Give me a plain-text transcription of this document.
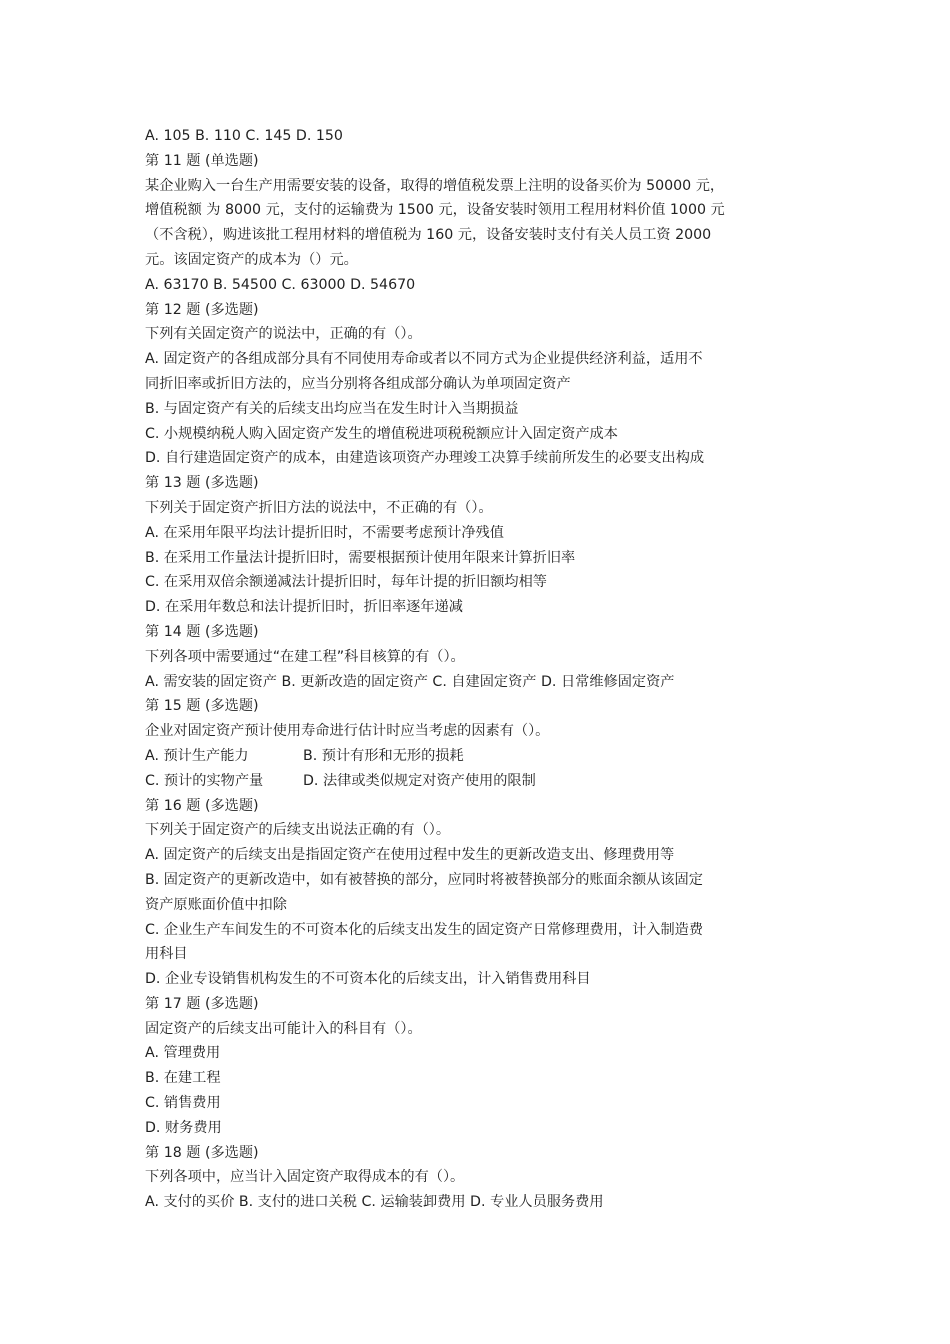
A. 105 B. 110 C. 145 D. 150
第 11 题 (单选题)
某企业购入一台生产用需要安装的设备，取得的增值税发票上注明的设备买价为 50000 元，
增值税额 为 8000 元，支付的运输费为 1500 元，设备安装时领用工程用材料价值 1000 元
（不含税），购进该批工程用材料的增值税为 160 元，设备安装时支付有关人员工资 2000
元。该固定资产的成本为（）元。
A. 63170 B. 54500 C. 63000 D. 54670
第 12 题 (多选题)
下列有关固定资产的说法中，正确的有（）。
A. 固定资产的各组成部分具有不同使用寿命或者以不同方式为企业提供经济利益，适用不
同折旧率或折旧方法的，应当分别将各组成部分确认为单项固定资产
B. 与固定资产有关的后续支出均应当在发生时计入当期损益
C. 小规模纳税人购入固定资产发生的增值税进项税税额应计入固定资产成本
D. 自行建造固定资产的成本，由建造该项资产办理竣工决算手续前所发生的必要支出构成
第 13 题 (多选题)
下列关于固定资产折旧方法的说法中，不正确的有（）。
A. 在采用年限平均法计提折旧时，不需要考虑预计净残值
B. 在采用工作量法计提折旧时，需要根据预计使用年限来计算折旧率
C. 在采用双倍余额递减法计提折旧时，每年计提的折旧额均相等
D. 在采用年数总和法计提折旧时，折旧率逐年递减
第 14 题 (多选题)
下列各项中需要通过“在建工程”科目核算的有（）。
A. 需安装的固定资产 B. 更新改造的固定资产 C. 自建固定资产 D. 日常维修固定资产
第 15 题 (多选题)
企业对固定资产预计使用寿命进行估计时应当考虑的因素有（）。
A. 预计生产能力	B. 预计有形和无形的损耗
C. 预计的实物产量	D. 法律或类似规定对资产使用的限制
第 16 题 (多选题)
下列关于固定资产的后续支出说法正确的有（）。
A. 固定资产的后续支出是指固定资产在使用过程中发生的更新改造支出、修理费用等
B. 固定资产的更新改造中，如有被替换的部分，应同时将被替换部分的账面余额从该固定
资产原账面价值中扣除
C. 企业生产车间发生的不可资本化的后续支出发生的固定资产日常修理费用，计入制造费
用科目
D. 企业专设销售机构发生的不可资本化的后续支出，计入销售费用科目
第 17 题 (多选题)
固定资产的后续支出可能计入的科目有（）。
A. 管理费用
B. 在建工程
C. 销售费用
D. 财务费用
第 18 题 (多选题)
下列各项中，应当计入固定资产取得成本的有（）。
A. 支付的买价 B. 支付的进口关税 C. 运输装卸费用 D. 专业人员服务费用
